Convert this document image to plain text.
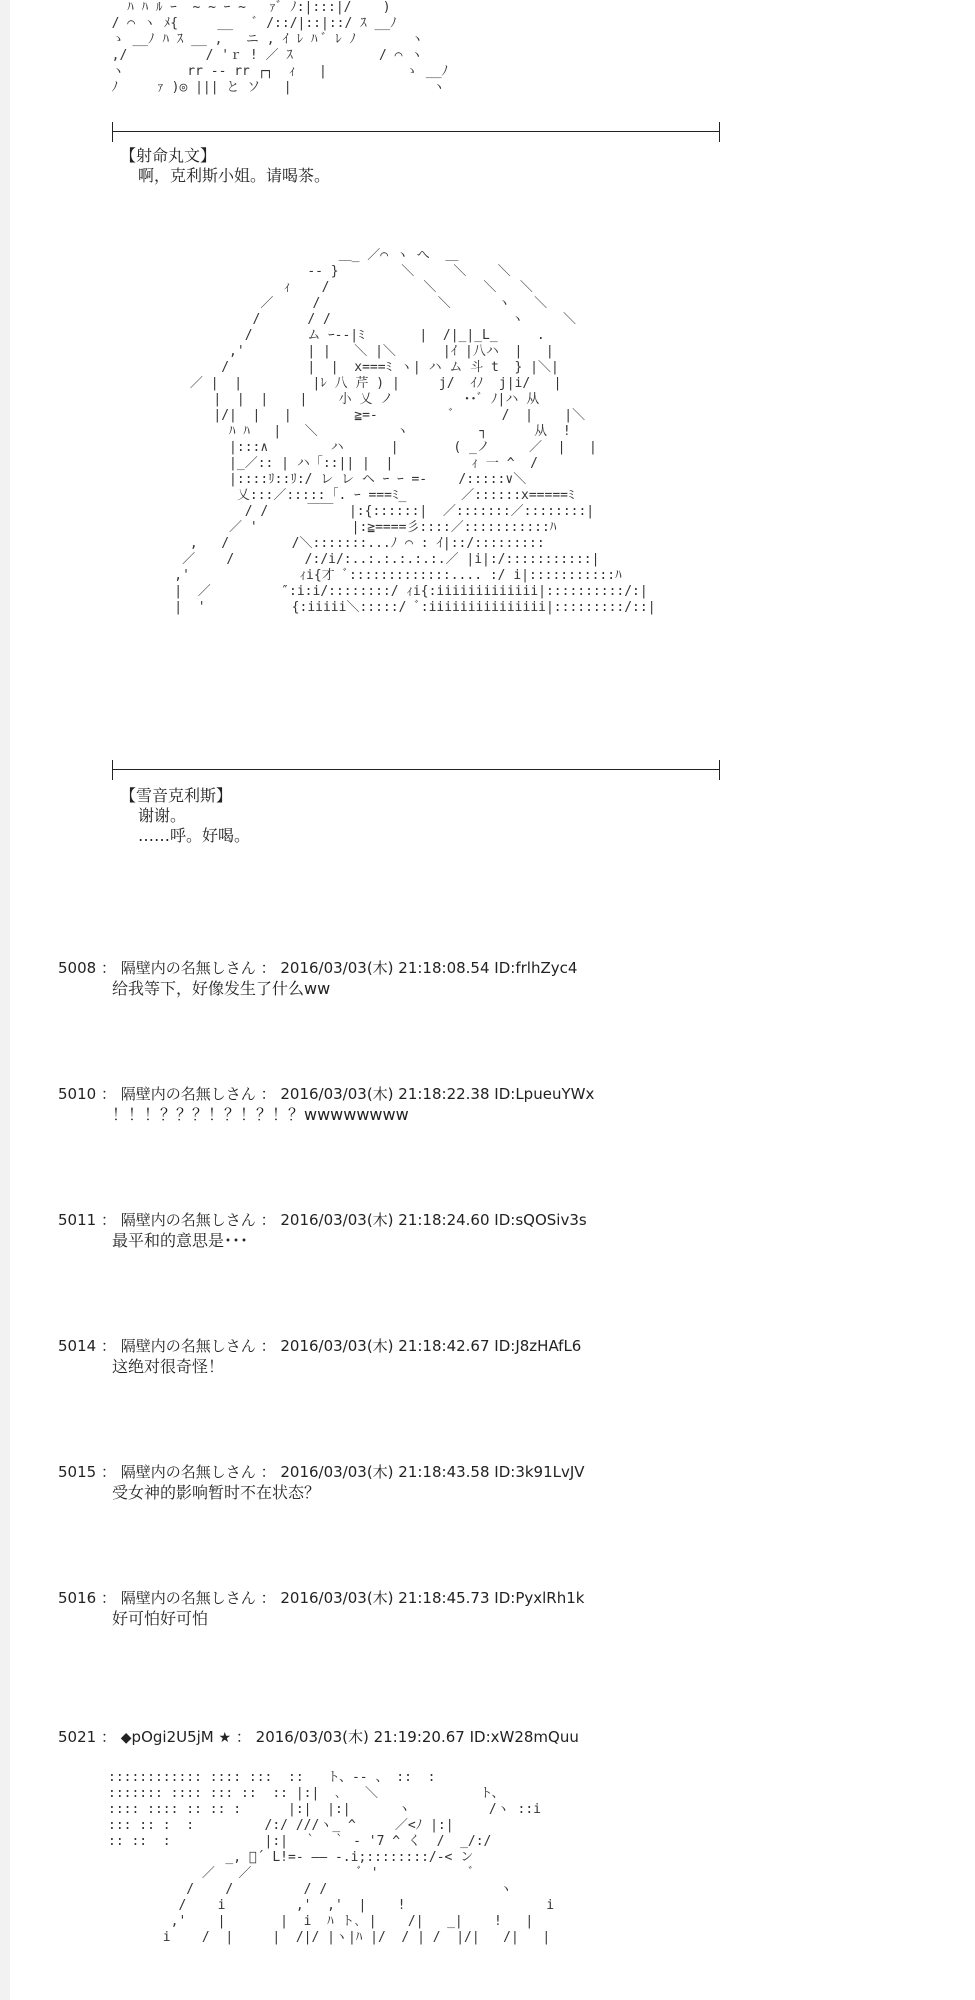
ﾊ ﾊ ﾙ ｰ  ~ ~ ｰ ~   ｧﾞ ﾉ:|:::|/    )
/ ⌒ ヽ ﾒ{     __   ﾞ /::/|::|::/ ｽ __ﾉ
ゝ __ﾉ ﾊ ｽ __ ,   ニ , ｲ ﾚ ﾊ ﾞ ﾚ ﾉ       ヽ
,/          / 'ｒ ! ／ ｽ           / ⌒ ヽ
ヽ        rr ‐‐ rr ┌┐  ｨ   |          ゝ __ﾉ
ﾉ     ｧ )◎ ||| と ソ   |                  ヽ
【射命丸文】
啊，克利斯小姐。请喝茶。
＿_ ／⌒ ヽ へ  ＿
-‐ }        ＼     ＼    ＼
ｨ    /            ＼      ＼   ＼
／     /               ＼      ヽ   ＼
/      / /                       ヽ     ＼
/       ム ｰ‐-|ﾐ       |  /|_|_L_     .
,'        | |   ＼ |＼      |ｲ |八ハ  |   |
/          |  |  x===ﾐ ヽ| ハ ム 斗 t  } |＼|
／ |  |         |ﾚ 八 芹 ) |     j/  ｲﾉ  j|i/   |
|  |  |    |    小 乂 ノ         ･･ﾞ ﾉ|ハ 从
|/|  |   |        ≧=-         ﾞ      /  |    |＼
ﾊ ﾊ   |   ＼          ヽ         ┐      从  !
|:::∧        ハ      |       ( _ノ     ／  |   |
|_／:: | ハ「::|| |  |          ｨ 一 ^  /
|::::ﾘ::ﾘ:/ レ レ ヘ ｰ ｰ =-    /:::::∨＼
乂:::／:::::「. ｰ ===ﾐ_       ／::::::x=====ﾐ
/ /     ￣￣  |:{::::::|  ／:::::::／::::::::|
／ '            |:≧====彡::::／:::::::::::ﾊ
,   /        /＼:::::::...ﾉ ⌒ : ｲ|::/:::::::::
／    /         /:/i/:..:.:.:.:.:.／ |i|:/:::::::::::|
,'              ｨi{才 ﾞ:::::::::::::.... :/ i|:::::::::::ﾊ
|  ／         ″:i:i/::::::::/ ｨi{:iiiiiiiiiiiii|::::::::::/:|
|  '           {:iiiii＼:::::/ ﾞ:iiiiiiiiiiiiiii|:::::::::/::|
【雪音克利斯】
谢谢。
……呼。好喝。
5008 ： 隔壁内の名無しさん ： 2016/03/03(木) 21:18:08.54 ID:frlhZyc4
给我等下，好像发生了什么ww
5010 ： 隔壁内の名無しさん ： 2016/03/03(木) 21:18:22.38 ID:LpueuYWx
！！！？？？！？！？！？wwwwwwww
5011 ： 隔壁内の名無しさん ： 2016/03/03(木) 21:18:24.60 ID:sQOSiv3s
最平和的意思是･･･
5014 ： 隔壁内の名無しさん ： 2016/03/03(木) 21:18:42.67 ID:J8zHAfL6
这绝对很奇怪！
5015 ： 隔壁内の名無しさん ： 2016/03/03(木) 21:18:43.58 ID:3k91LvJV
受女神的影响暂时不在状态？
5016 ： 隔壁内の名無しさん ： 2016/03/03(木) 21:18:45.73 ID:PyxlRh1k
好可怕好可怕
5021 ： ◆pOgi2U5jM ★ ： 2016/03/03(木) 21:19:20.67 ID:xW28mQuu
:::::::::::: :::: :::  ::   ト、‐- 、 ::  :
::::::: :::: ::: ::  :: |:|  ､   ＼             ト、
:::: :::: :: :: :      |:|  |:|      ヽ          /ヽ ::i
::: :: :  :         /:/ ///ヽ_ ^     ／<ﾉ |:|
:: ::  :            |:|  ｀  ｀ ‐ '7 ^ く  /  _/:/
_, ﾞ´ L!=‐ ―― -.i;::::::::/-< ン
／   ／              ﾞ '            ﾞ
/    /         / /                      ヽ
/    i         ,'  ,'  |    !                  i
,'    |       |  i  ﾊ ト､ |    /|   _|    !   |
i    /  |     |  /|/ |ヽ|ﾊ |/  / | /  |/|   /|   |
